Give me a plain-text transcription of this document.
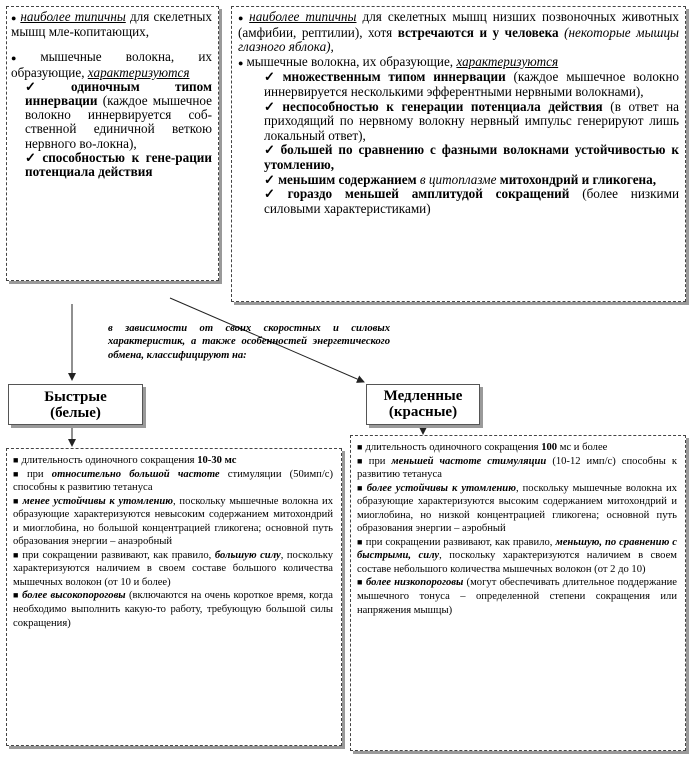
● наиболее типичны для скелетных мышц мле-копитающих,
● мышечные волокна, их образующие, характеризуются
✓ одиночным типом иннервации (каждое мышечное волокно иннервируется соб-ственной единичной веткою нервного во-локна),
✓ способностью к гене-рации потенциала действия
● наиболее типичны для скелетных мышц низших позвоночных животных (амфибии, рептилии), хотя встречаются и у человека (некоторые мышцы глазного яблока),
● мышечные волокна, их образующие, характеризуются
✓ множественным типом иннервации (каждое мышечное волокно иннервируется несколькими эфферентными нервными волокнами),
✓ неспособностью к генерации потенциала действия (в ответ на приходящий по нервному волокну нервный импульс генерируют лишь локальный ответ),
✓ большей по сравнению с фазными волокнами устойчивостью к утомлению,
✓ меньшим содержанием в цитоплазме митохондрий и гликогена,
✓ гораздо меньшей амплитудой сокращений (более низкими силовыми характеристиками)
в зависимости от своих скоростных и силовых характеристик, а также особенностей энергетического обмена, классифицируют на:
Быстрые
(белые)
Медленные
(красные)
■ длительность одиночного сокращения 10-30 мс
■ при относительно большой частоте стимуляции (50имп/с) способны к развитию тетануса
■ менее устойчивы к утомлению, поскольку мышечные волокна их образующие характеризуются невысоким содержанием митохондрий и миоглобина, но большой концентрацией гликогена; основной путь образования энергии – анаэробный
■ при сокращении развивают, как правило, большую силу, поскольку характеризуются наличием в своем составе большого количества мышечных волокон (от 10 и более)
■ более высокопороговы (включаются на очень короткое время, когда необходимо выполнить какую-то работу, требующую большой силы сокращения)
■ длительность одиночного сокращения 100 мс и более
■ при меньшей частоте стимуляции (10-12 имп/с) способны к развитию тетануса
■ более устойчивы к утомлению, поскольку мышечные волокна их образующие характеризуются высоким содержанием митохондрий и миоглобина, но низкой концентрацией гликогена; основной путь образования энергии – аэробный
■ при сокращении развивают, как правило, меньшую, по сравнению с быстрыми, силу, поскольку характеризуются наличием в своем составе небольшого количества мышечных волокон (от 2 до 10)
■ более низкопороговы (могут обеспечивать длительное поддержание мышечного тонуса – определенной степени сокращения или напряжения мышцы)
